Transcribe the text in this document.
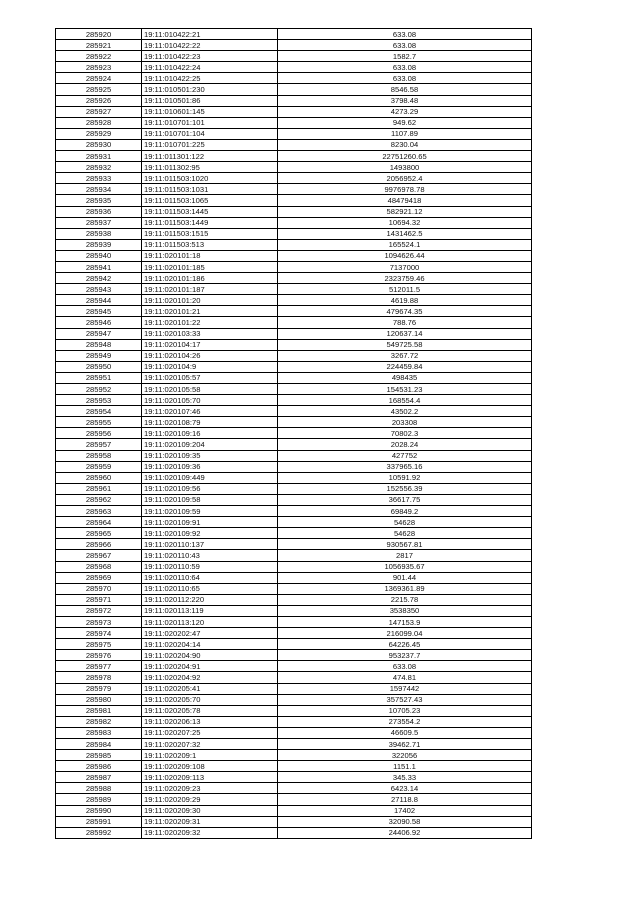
285920	19:11:010422:21	633.08
285921	19:11:010422:22	633.08
285922	19:11:010422:23	1582.7
285923	19:11:010422:24	633.08
285924	19:11:010422:25	633.08
285925	19:11:010501:230	8546.58
285926	19:11:010501:86	3798.48
285927	19:11:010601:145	4273.29
285928	19:11:010701:101	949.62
285929	19:11:010701:104	1107.89
285930	19:11:010701:225	8230.04
285931	19:11:011301:122	22751260.65
285932	19:11:011302:95	1493800
285933	19:11:011503:1020	2056952.4
285934	19:11:011503:1031	9976978.78
285935	19:11:011503:1065	48479418
285936	19:11:011503:1445	582921.12
285937	19:11:011503:1449	10694.32
285938	19:11:011503:1515	1431462.5
285939	19:11:011503:513	165524.1
285940	19:11:020101:18	1094626.44
285941	19:11:020101:185	7137000
285942	19:11:020101:186	2323759.46
285943	19:11:020101:187	512011.5
285944	19:11:020101:20	4619.88
285945	19:11:020101:21	479674.35
285946	19:11:020101:22	788.76
285947	19:11:020103:33	120637.14
285948	19:11:020104:17	549725.58
285949	19:11:020104:26	3267.72
285950	19:11:020104:9	224459.84
285951	19:11:020105:57	498435
285952	19:11:020105:58	154531.23
285953	19:11:020105:70	168554.4
285954	19:11:020107:46	43502.2
285955	19:11:020108:79	203308
285956	19:11:020109:16	70802.3
285957	19:11:020109:204	2028.24
285958	19:11:020109:35	427752
285959	19:11:020109:36	337965.16
285960	19:11:020109:449	10591.92
285961	19:11:020109:56	152556.39
285962	19:11:020109:58	36617.75
285963	19:11:020109:59	69849.2
285964	19:11:020109:91	54628
285965	19:11:020109:92	54628
285966	19:11:020110:137	930567.81
285967	19:11:020110:43	2817
285968	19:11:020110:59	1056935.67
285969	19:11:020110:64	901.44
285970	19:11:020110:65	1369361.89
285971	19:11:020112:220	2215.78
285972	19:11:020113:119	3538350
285973	19:11:020113:120	147153.9
285974	19:11:020202:47	216099.04
285975	19:11:020204:14	64226.45
285976	19:11:020204:90	953237.7
285977	19:11:020204:91	633.08
285978	19:11:020204:92	474.81
285979	19:11:020205:41	1597442
285980	19:11:020205:70	357527.43
285981	19:11:020205:78	10705.23
285982	19:11:020206:13	273554.2
285983	19:11:020207:25	46609.5
285984	19:11:020207:32	39462.71
285985	19:11:020209:1	322056
285986	19:11:020209:108	1151.1
285987	19:11:020209:113	345.33
285988	19:11:020209:23	6423.14
285989	19:11:020209:29	27118.8
285990	19:11:020209:30	17402
285991	19:11:020209:31	32090.58
285992	19:11:020209:32	24406.92
